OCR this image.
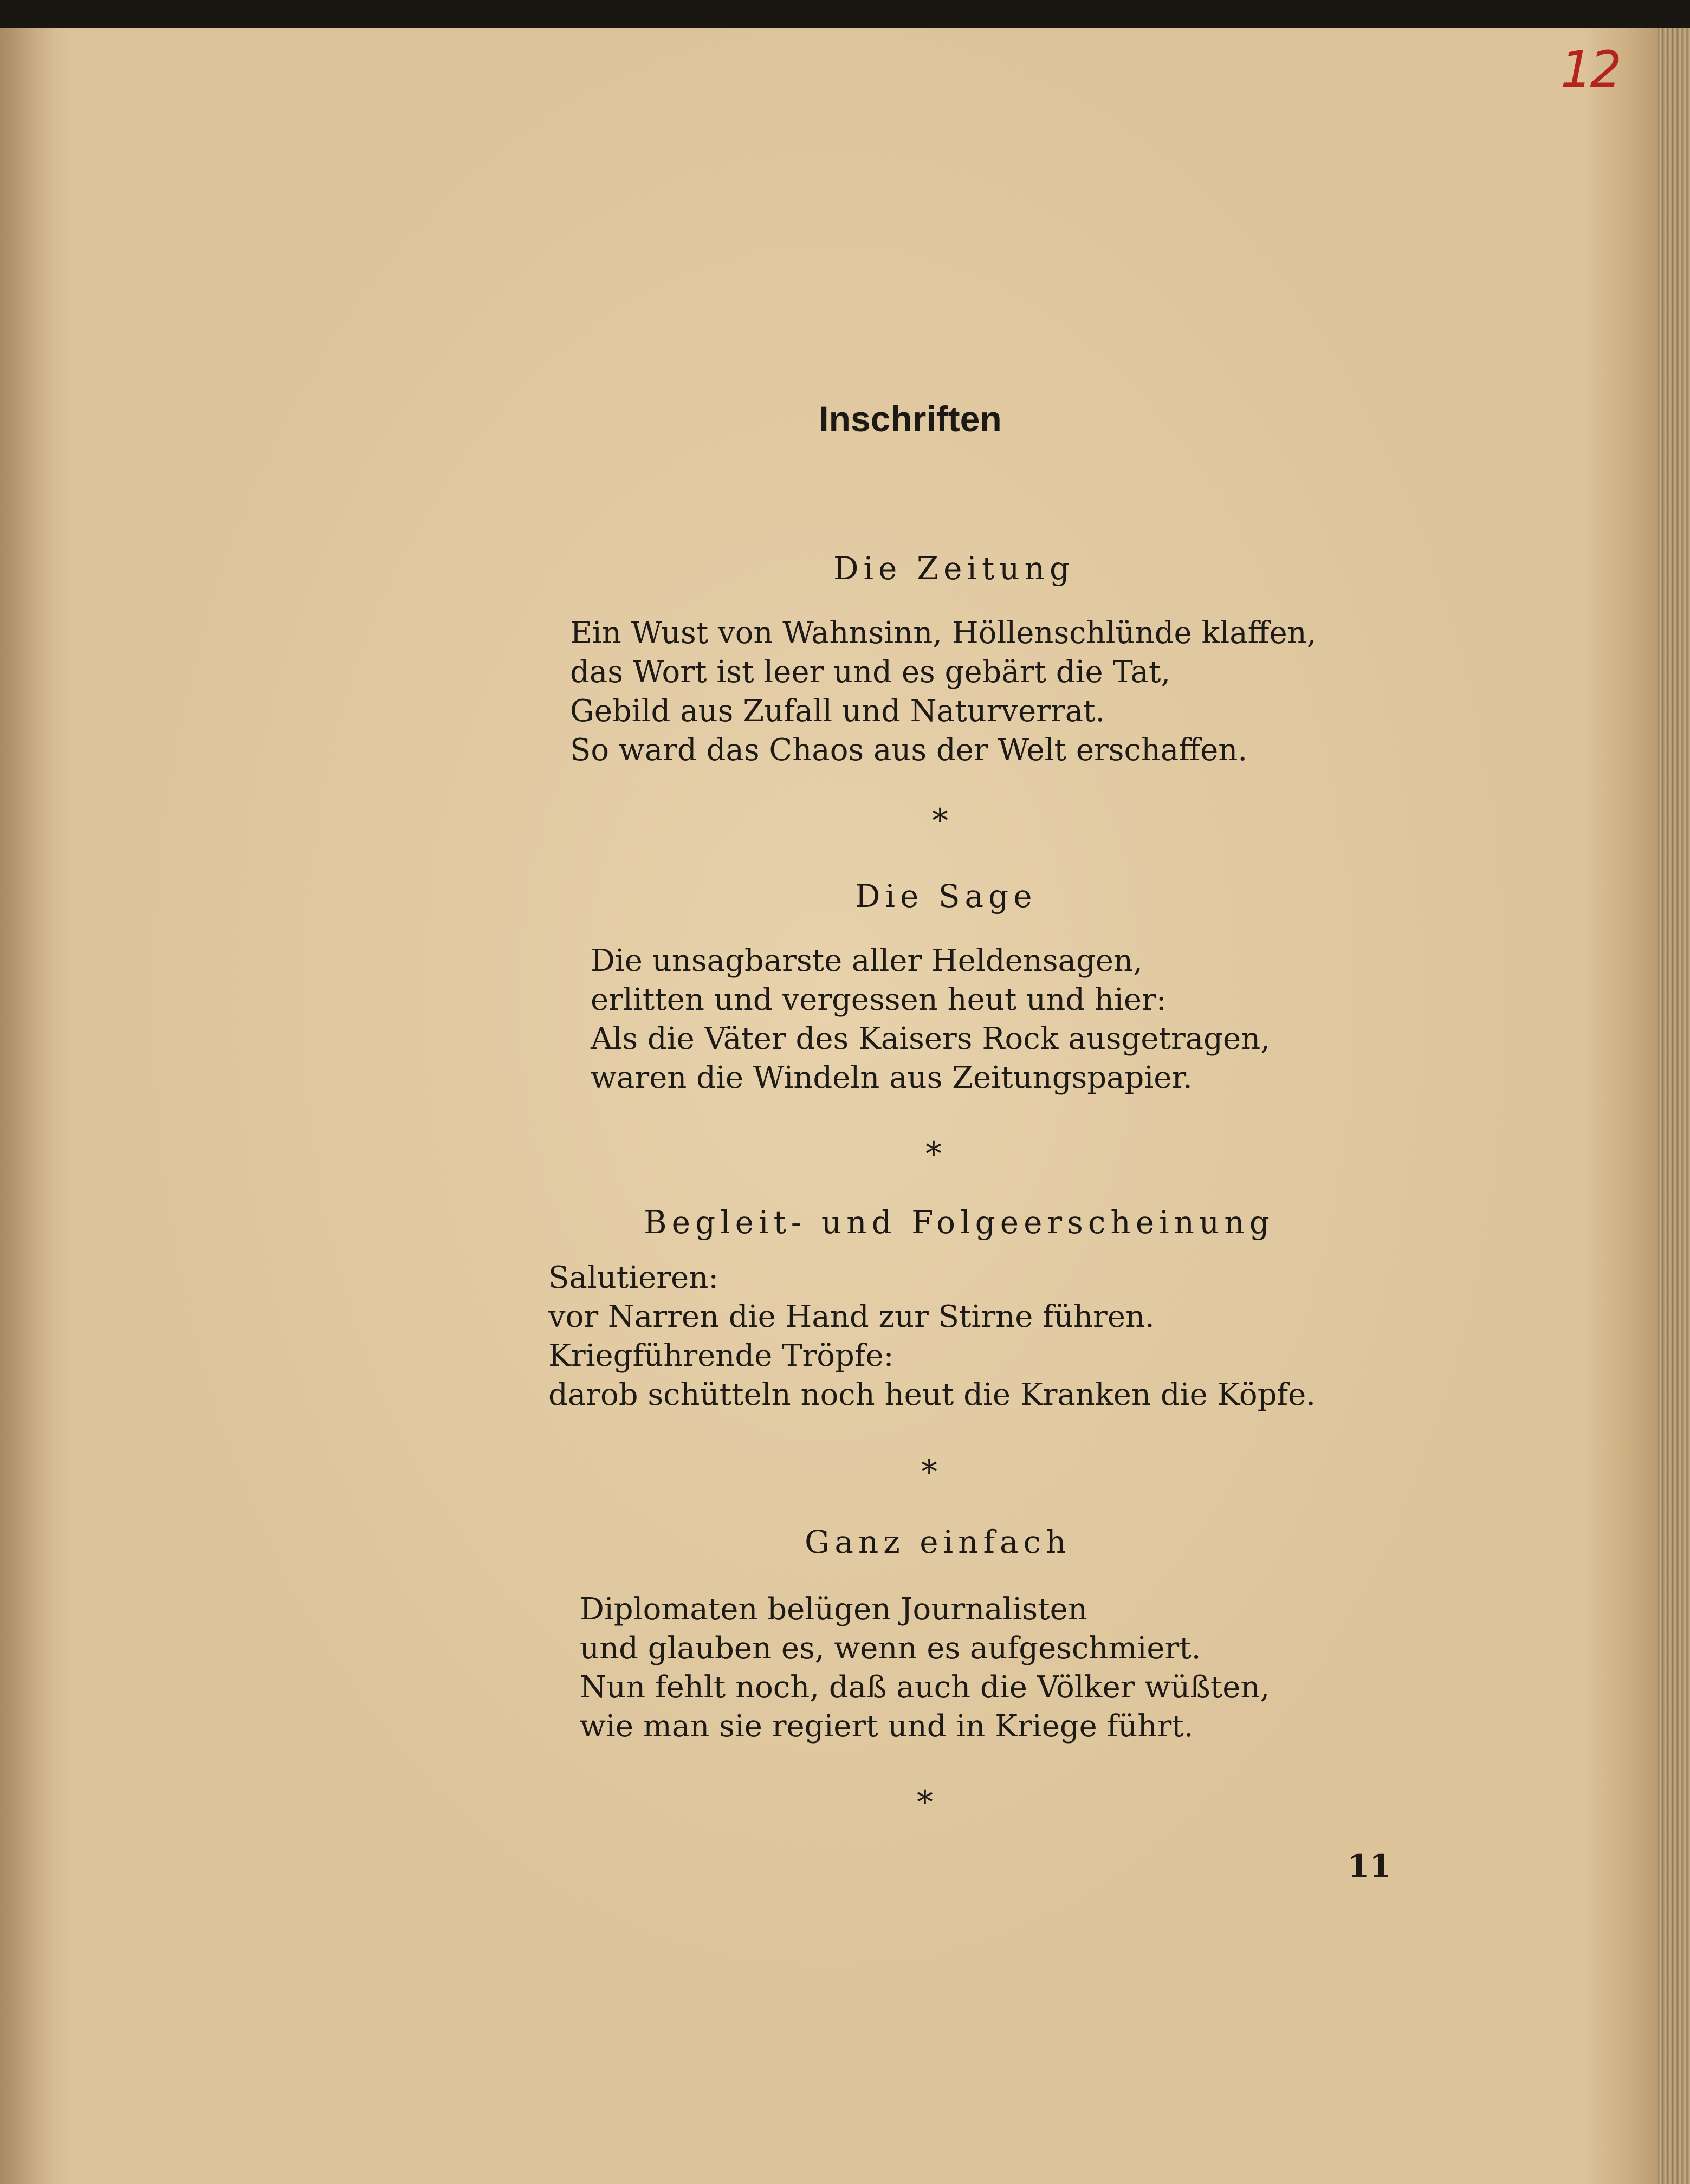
12
Inschriften
Die Zeitung
Ein Wust von Wahnsinn, Höllenschlünde klaffen,
das Wort ist leer und es gebärt die Tat,
Gebild aus Zufall und Naturverrat.
So ward das Chaos aus der Welt erschaffen.
*
Die Sage
Die unsagbarste aller Heldensagen,
erlitten und vergessen heut und hier:
Als die Väter des Kaisers Rock ausgetragen,
waren die Windeln aus Zeitungspapier.
*
Begleit- und Folgeerscheinung
Salutieren:
vor Narren die Hand zur Stirne führen.
Kriegführende Tröpfe:
darob schütteln noch heut die Kranken die Köpfe.
*
Ganz einfach
Diplomaten belügen Journalisten
und glauben es, wenn es aufgeschmiert.
Nun fehlt noch, daß auch die Völker wüßten,
wie man sie regiert und in Kriege führt.
*
11
